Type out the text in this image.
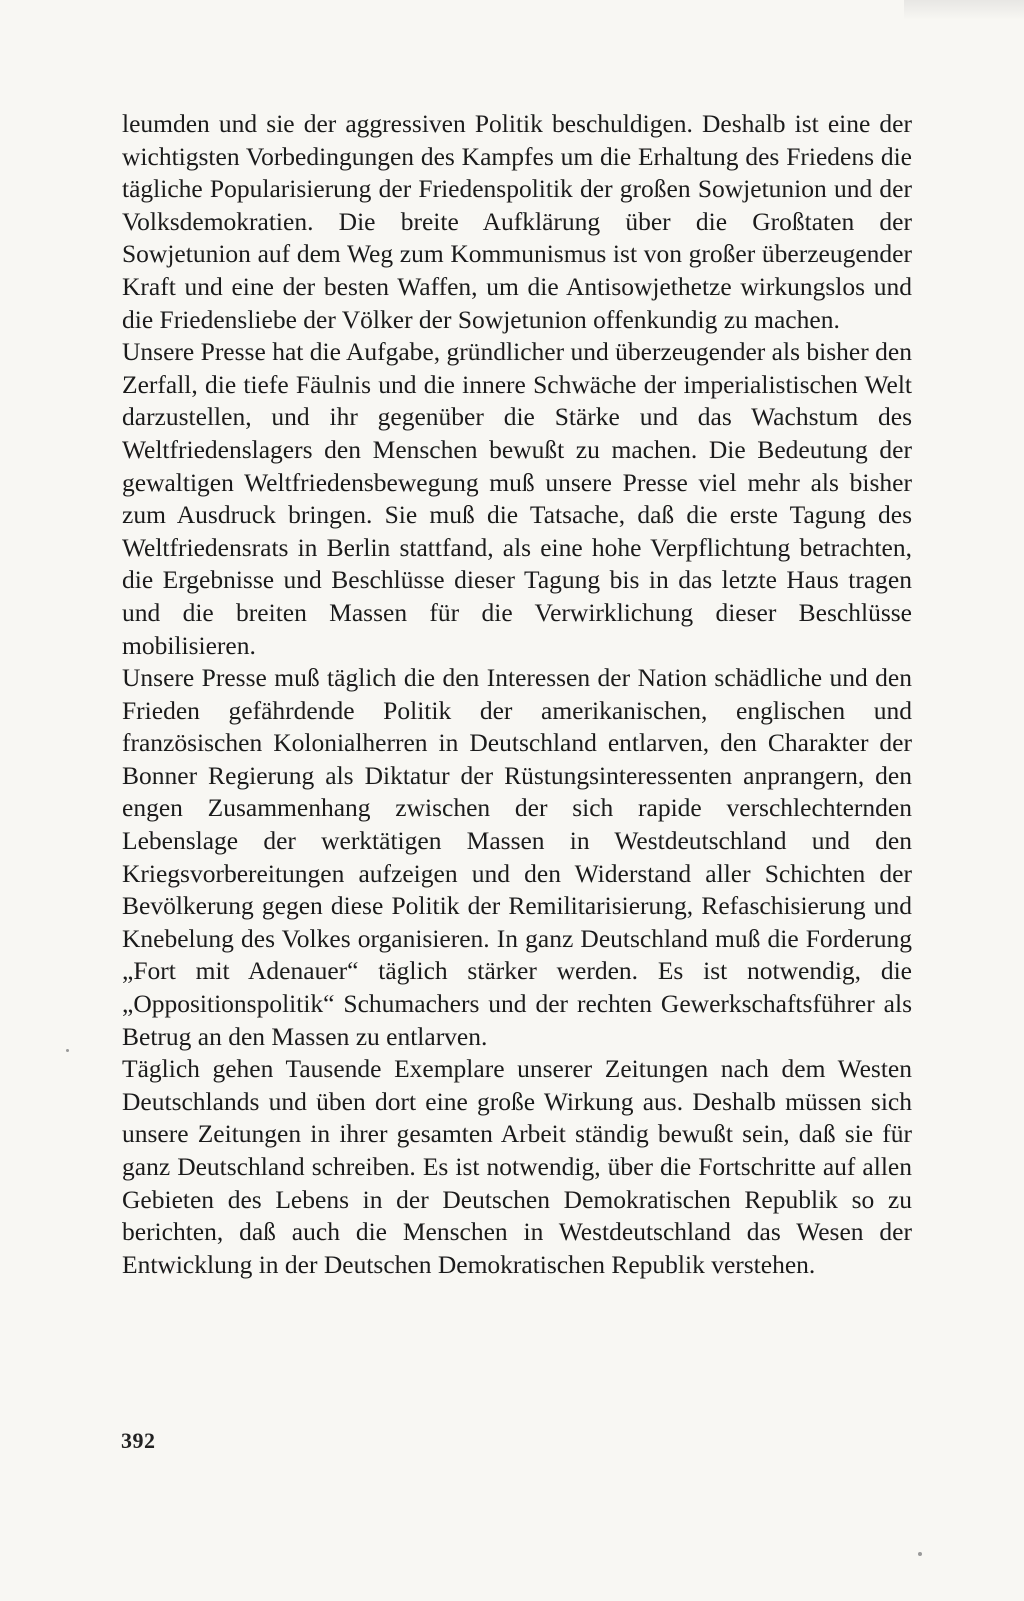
leumden und sie der aggressiven Politik beschuldigen. Deshalb ist eine der wichtigsten Vorbedingungen des Kampfes um die Erhaltung des Friedens die tägliche Popularisierung der Friedenspolitik der großen Sowjetunion und der Volksdemokratien. Die breite Aufklärung über die Großtaten der Sowjetunion auf dem Weg zum Kommunismus ist von großer überzeugender Kraft und eine der besten Waffen, um die Antisowjethetze wirkungslos und die Friedensliebe der Völker der Sowjetunion offenkundig zu machen.

Unsere Presse hat die Aufgabe, gründlicher und überzeugender als bisher den Zerfall, die tiefe Fäulnis und die innere Schwäche der imperialistischen Welt darzustellen, und ihr gegenüber die Stärke und das Wachstum des Weltfriedenslagers den Menschen bewußt zu machen. Die Bedeutung der gewaltigen Weltfriedensbewegung muß unsere Presse viel mehr als bisher zum Ausdruck bringen. Sie muß die Tatsache, daß die erste Tagung des Weltfriedensrats in Berlin stattfand, als eine hohe Verpflichtung betrachten, die Ergebnisse und Beschlüsse dieser Tagung bis in das letzte Haus tragen und die breiten Massen für die Verwirklichung dieser Beschlüsse mobilisieren.

Unsere Presse muß täglich die den Interessen der Nation schädliche und den Frieden gefährdende Politik der amerikanischen, englischen und französischen Kolonialherren in Deutschland entlarven, den Charakter der Bonner Regierung als Diktatur der Rüstungsinteressenten anprangern, den engen Zusammenhang zwischen der sich rapide verschlechternden Lebenslage der werktätigen Massen in Westdeutschland und den Kriegsvorbereitungen aufzeigen und den Widerstand aller Schichten der Bevölkerung gegen diese Politik der Remilitarisierung, Refaschisierung und Knebelung des Volkes organisieren. In ganz Deutschland muß die Forderung „Fort mit Adenauer“ täglich stärker werden. Es ist notwendig, die „Oppositionspolitik“ Schumachers und der rechten Gewerkschaftsführer als Betrug an den Massen zu entlarven.

Täglich gehen Tausende Exemplare unserer Zeitungen nach dem Westen Deutschlands und üben dort eine große Wirkung aus. Deshalb müssen sich unsere Zeitungen in ihrer gesamten Arbeit ständig bewußt sein, daß sie für ganz Deutschland schreiben. Es ist notwendig, über die Fortschritte auf allen Gebieten des Lebens in der Deutschen Demokratischen Republik so zu berichten, daß auch die Menschen in Westdeutschland das Wesen der Entwicklung in der Deutschen Demokratischen Republik verstehen.

392
